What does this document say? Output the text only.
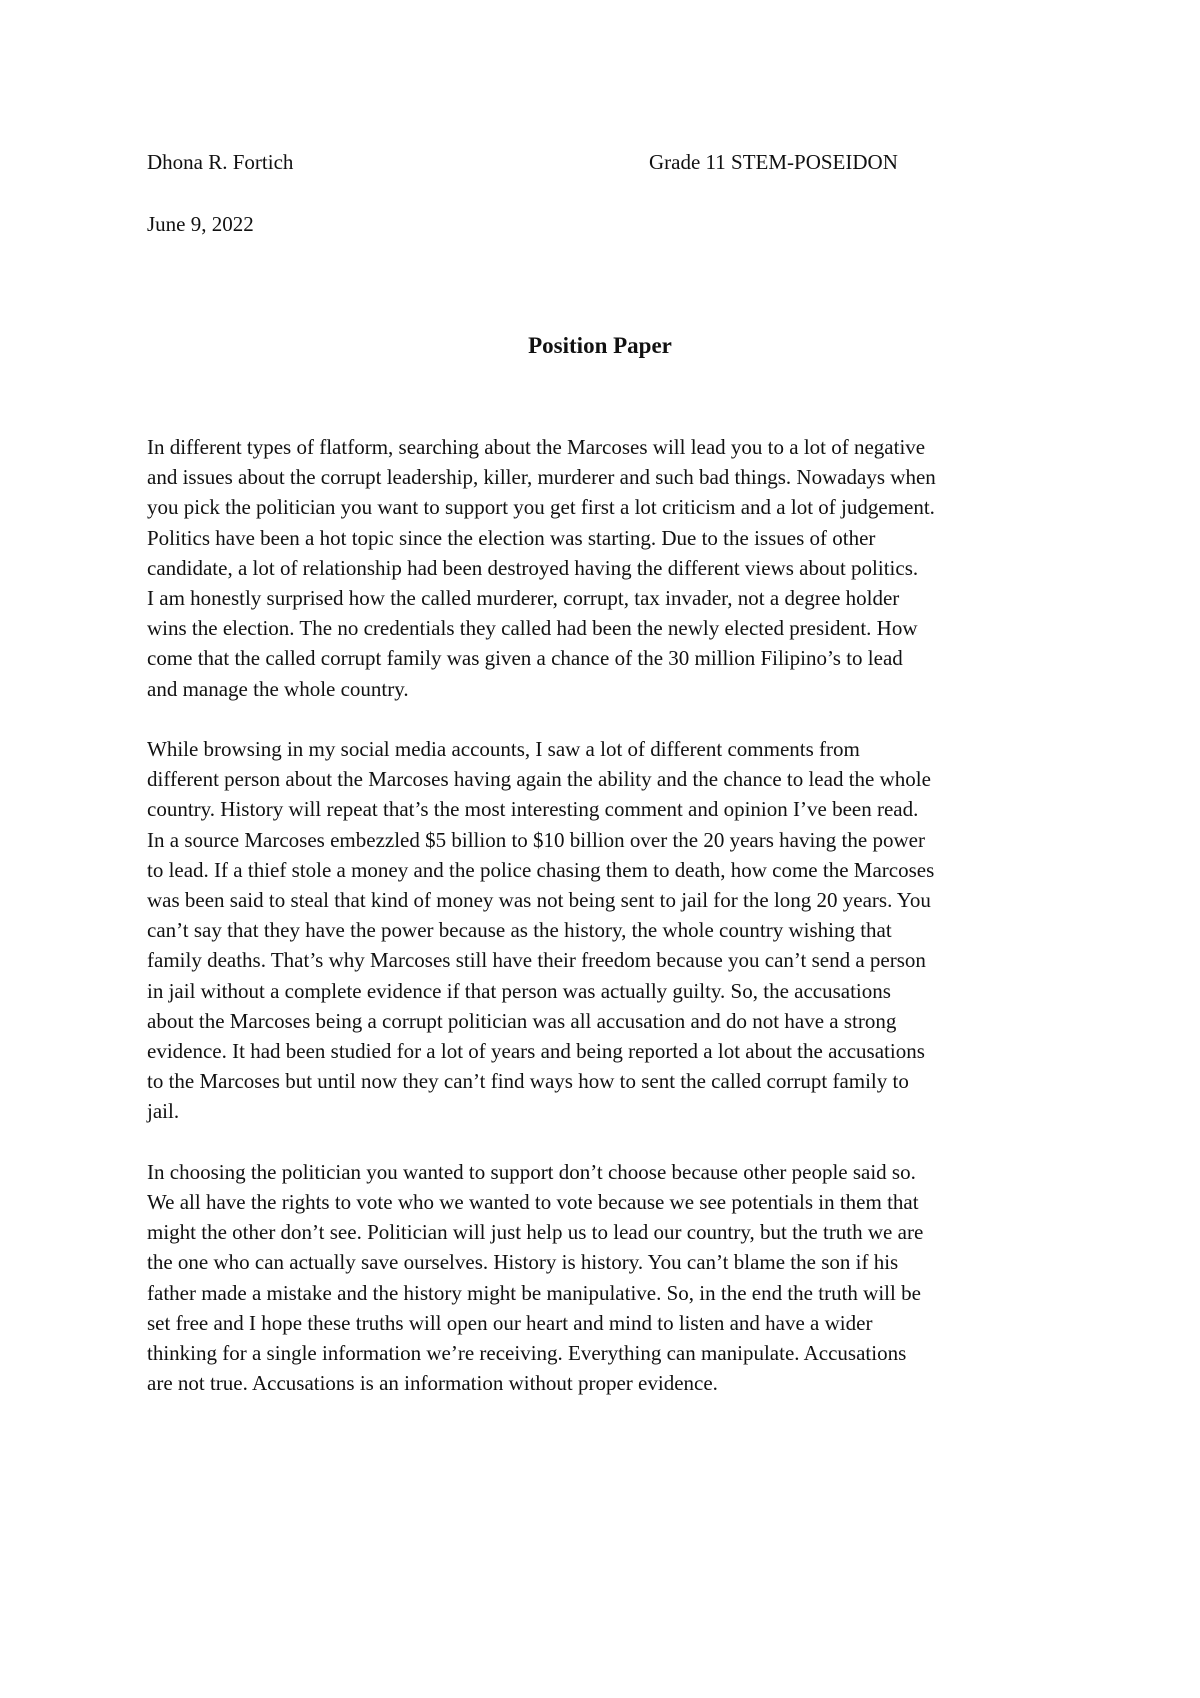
Dhona R. Fortich	Grade 11 STEM-POSEIDON
June 9, 2022
Position Paper
In different types of flatform, searching about the Marcoses will lead you to a lot of negative
and issues about the corrupt leadership, killer, murderer and such bad things. Nowadays when
you pick the politician you want to support you get first a lot criticism and a lot of judgement.
Politics have been a hot topic since the election was starting. Due to the issues of other
candidate, a lot of relationship had been destroyed having the different views about politics.
I am honestly surprised how the called murderer, corrupt, tax invader, not a degree holder
wins the election. The no credentials they called had been the newly elected president. How
come that the called corrupt family was given a chance of the 30 million Filipino’s to lead
and manage the whole country.
While browsing in my social media accounts, I saw a lot of different comments from
different person about the Marcoses having again the ability and the chance to lead the whole
country. History will repeat that’s the most interesting comment and opinion I’ve been read.
In a source Marcoses embezzled $5 billion to $10 billion over the 20 years having the power
to lead. If a thief stole a money and the police chasing them to death, how come the Marcoses
was been said to steal that kind of money was not being sent to jail for the long 20 years. You
can’t say that they have the power because as the history, the whole country wishing that
family deaths. That’s why Marcoses still have their freedom because you can’t send a person
in jail without a complete evidence if that person was actually guilty. So, the accusations
about the Marcoses being a corrupt politician was all accusation and do not have a strong
evidence. It had been studied for a lot of years and being reported a lot about the accusations
to the Marcoses but until now they can’t find ways how to sent the called corrupt family to
jail.
In choosing the politician you wanted to support don’t choose because other people said so.
We all have the rights to vote who we wanted to vote because we see potentials in them that
might the other don’t see. Politician will just help us to lead our country, but the truth we are
the one who can actually save ourselves. History is history. You can’t blame the son if his
father made a mistake and the history might be manipulative. So, in the end the truth will be
set free and I hope these truths will open our heart and mind to listen and have a wider
thinking for a single information we’re receiving. Everything can manipulate. Accusations
are not true. Accusations is an information without proper evidence.
